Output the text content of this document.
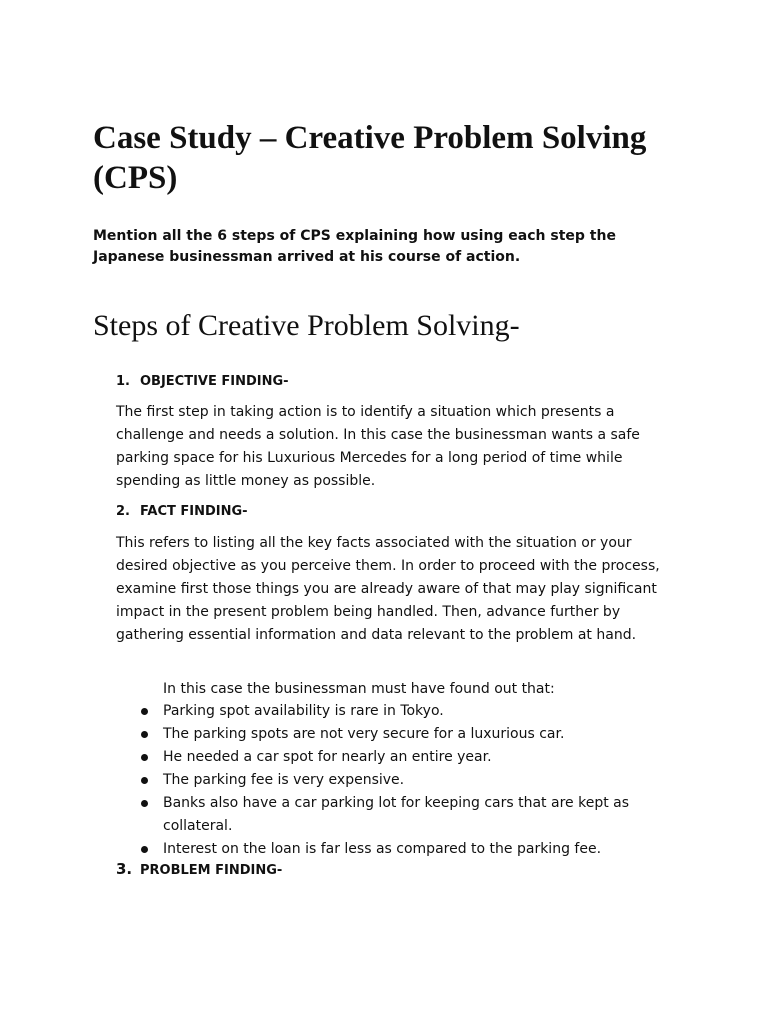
Case Study – Creative Problem Solving (CPS)

Mention all the 6 steps of CPS explaining how using each step the Japanese businessman arrived at his course of action.

Steps of Creative Problem Solving-
1. OBJECTIVE FINDING-

The first step in taking action is to identify a situation which presents a challenge and needs a solution. In this case the businessman wants a safe parking space for his Luxurious Mercedes for a long period of time while spending as little money as possible.

2. FACT FINDING-

This refers to listing all the key facts associated with the situation or your desired objective as you perceive them. In order to proceed with the process, examine first those things you are already aware of that may play significant impact in the present problem being handled. Then, advance further by gathering essential information and data relevant to the problem at hand.

In this case the businessman must have found out that:

Parking spot availability is rare in Tokyo.
The parking spots are not very secure for a luxurious car.
He needed a car spot for nearly an entire year.
The parking fee is very expensive.
Banks also have a car parking lot for keeping cars that are kept as collateral.
Interest on the loan is far less as compared to the parking fee.
3. PROBLEM FINDING-
